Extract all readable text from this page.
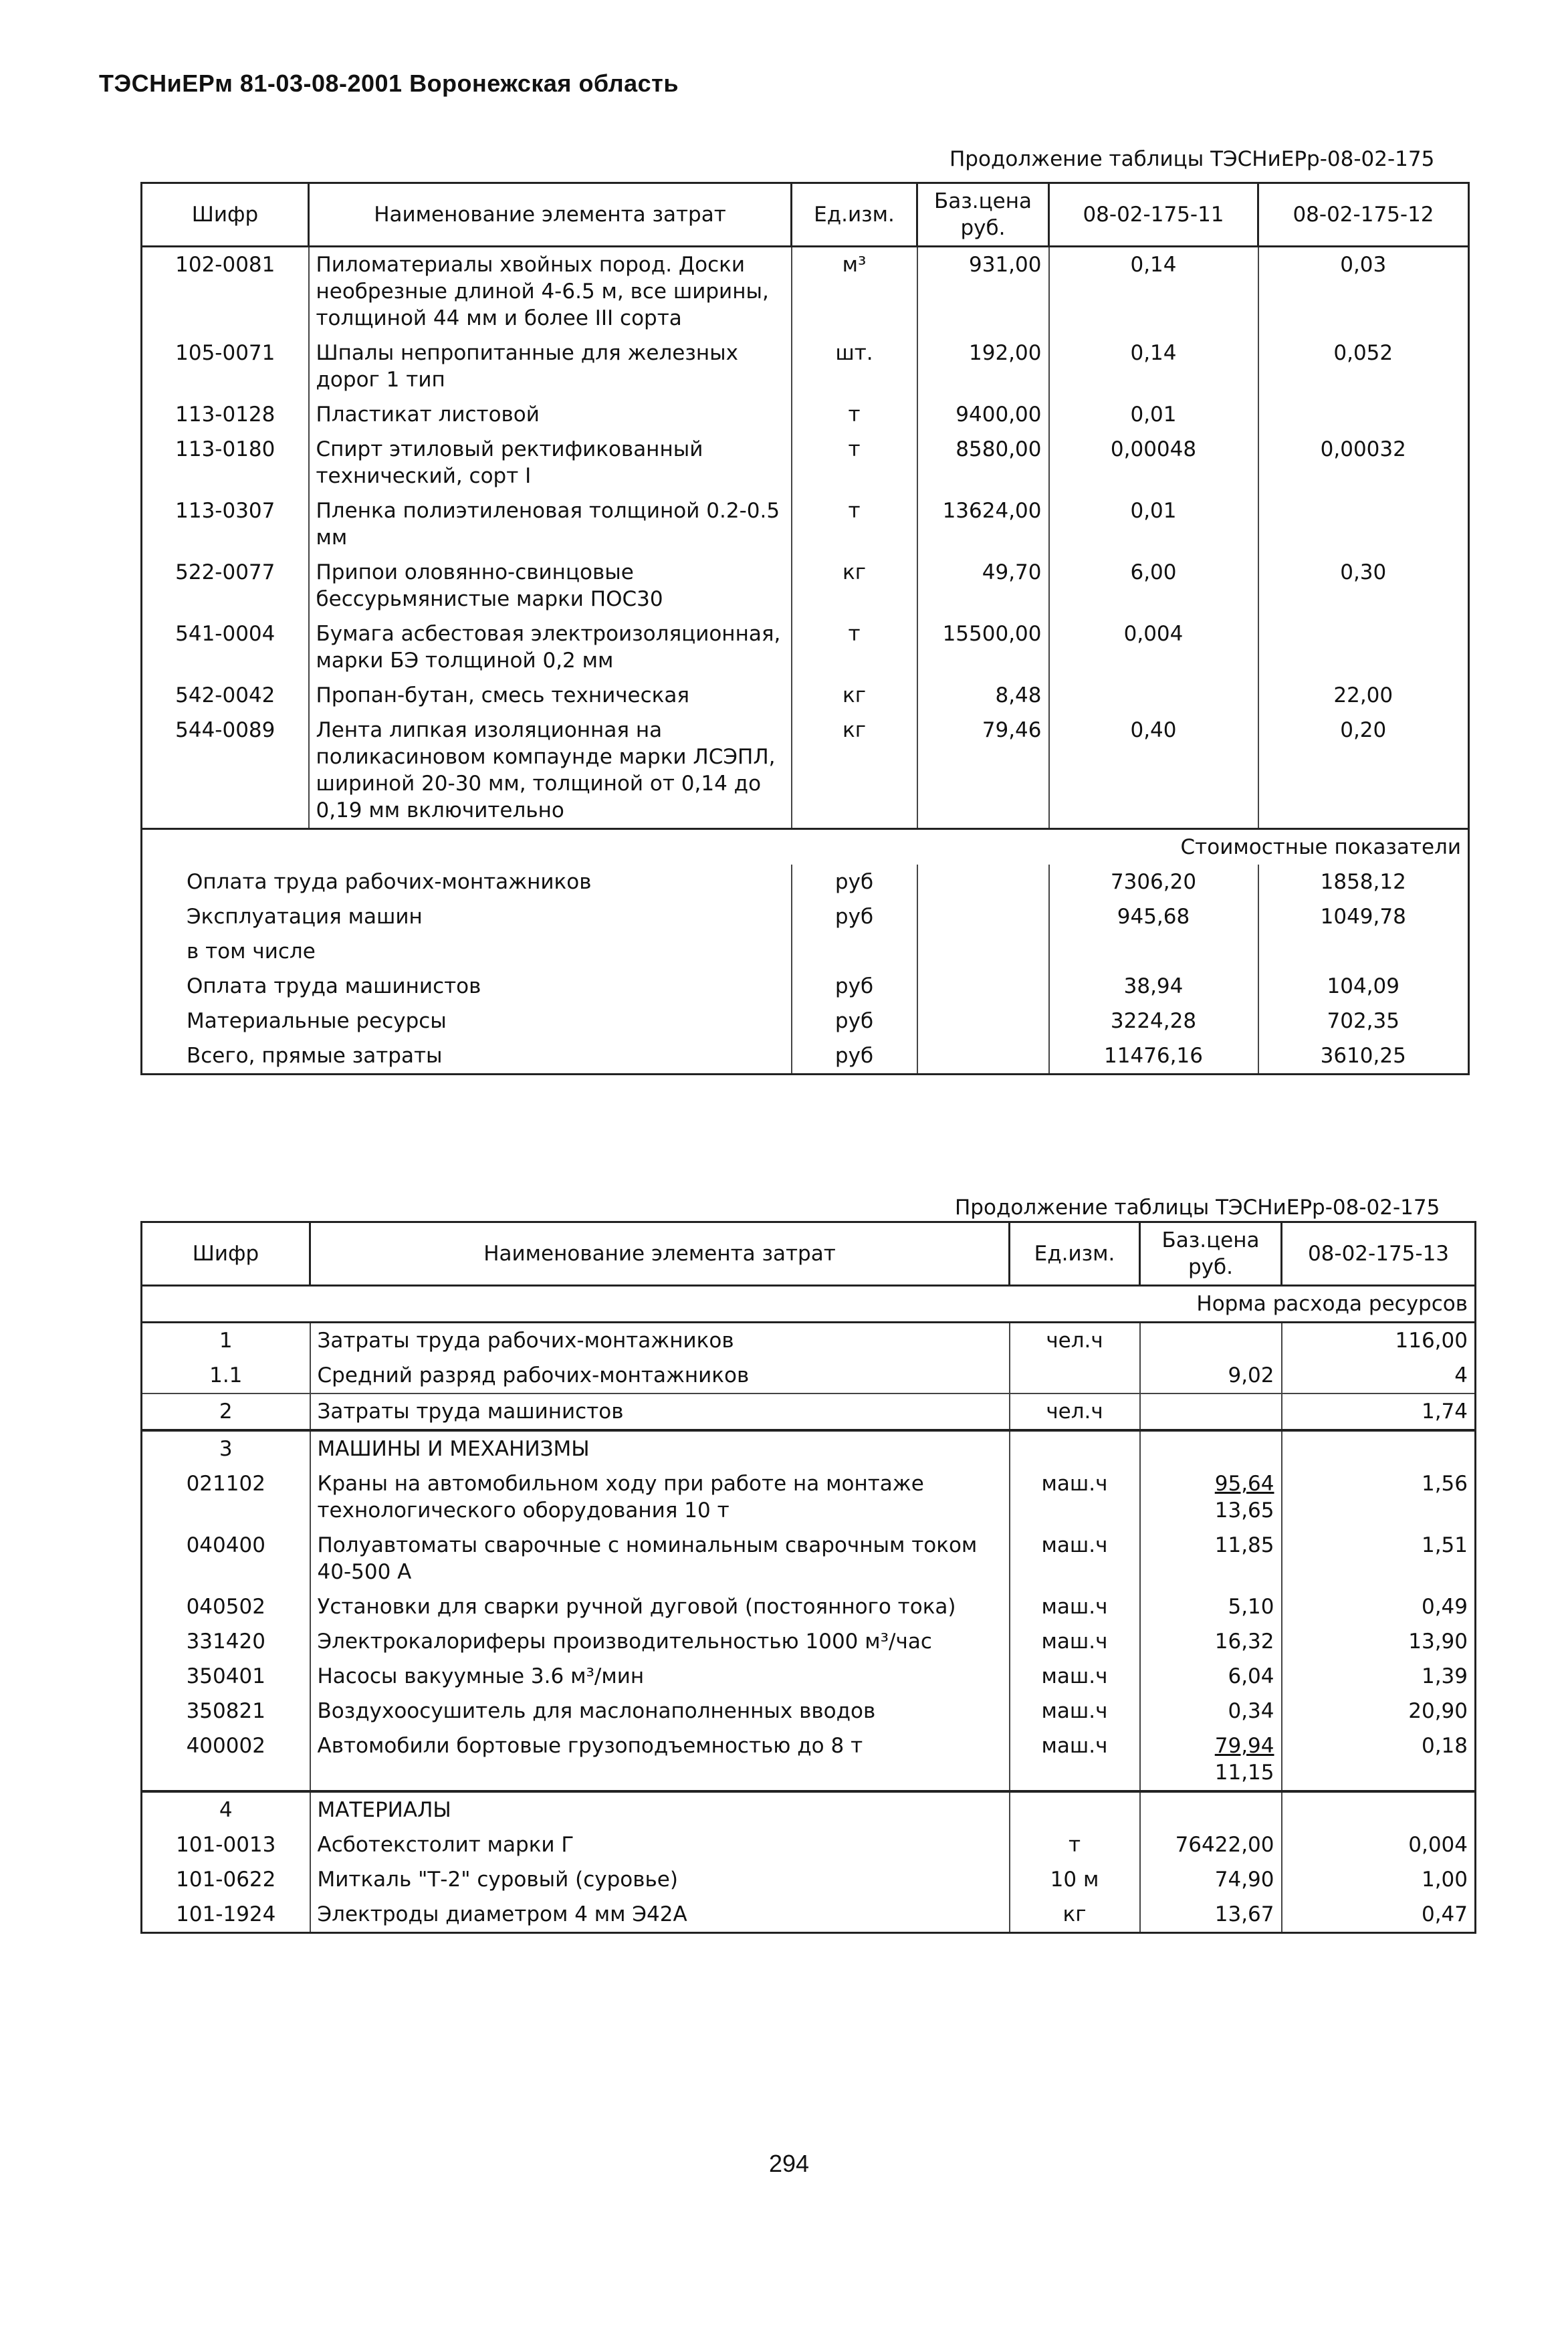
ТЭСНиЕРм 81-03-08-2001 Воронежская область
Продолжение таблицы ТЭСНиЕРр-08-02-175
Шифр	Наименование элемента затрат	Ед.изм.	Баз.цена руб.	08-02-175-11	08-02-175-12
102-0081	Пиломатериалы хвойных пород. Доски необрезные длиной 4-6.5 м, все ширины, толщиной 44 мм и более III сорта	м³	931,00	0,14	0,03
105-0071	Шпалы непропитанные для железных дорог 1 тип	шт.	192,00	0,14	0,052
113-0128	Пластикат листовой	т	9400,00	0,01	
113-0180	Спирт этиловый ректификованный технический, сорт I	т	8580,00	0,00048	0,00032
113-0307	Пленка полиэтиленовая толщиной 0.2-0.5 мм	т	13624,00	0,01	
522-0077	Припои оловянно-свинцовые бессурьмянистые марки ПОС30	кг	49,70	6,00	0,30
541-0004	Бумага асбестовая электроизоляционная, марки БЭ толщиной 0,2 мм	т	15500,00	0,004	
542-0042	Пропан-бутан, смесь техническая	кг	8,48		22,00
544-0089	Лента липкая изоляционная на поликасиновом компаунде марки ЛСЭПЛ, шириной 20-30 мм, толщиной от 0,14 до 0,19 мм включительно	кг	79,46	0,40	0,20
Стоимостные показатели					
Оплата труда рабочих-монтажников		руб		7306,20	1858,12
Эксплуатация машин		руб		945,68	1049,78
в том числе					
Оплата труда машинистов		руб		38,94	104,09
Материальные ресурсы		руб		3224,28	702,35
Всего, прямые затраты		руб		11476,16	3610,25
Продолжение таблицы ТЭСНиЕРр-08-02-175
Шифр	Наименование элемента затрат	Ед.изм.	Баз.цена руб.	08-02-175-13
Норма расхода ресурсов				
1	Затраты труда рабочих-монтажников	чел.ч		116,00
1.1	Средний разряд рабочих-монтажников		9,02	4
2	Затраты труда машинистов	чел.ч		1,74
3	МАШИНЫ И МЕХАНИЗМЫ			
021102	Краны на автомобильном ходу при работе на монтаже технологического оборудования 10 т	маш.ч	$\frac{95,64}{13,65}$	1,56
040400	Полуавтоматы сварочные с номинальным сварочным током 40-500 А	маш.ч	11,85	1,51
040502	Установки для сварки ручной дуговой (постоянного тока)	маш.ч	5,10	0,49
331420	Электрокалориферы производительностью 1000 м³/час	маш.ч	16,32	13,90
350401	Насосы вакуумные 3.6 м³/мин	маш.ч	6,04	1,39
350821	Воздухоосушитель для маслонаполненных вводов	маш.ч	0,34	20,90
400002	Автомобили бортовые грузоподъемностью до 8 т	маш.ч	$\frac{79,94}{11,15}$	0,18
4	МАТЕРИАЛЫ			
101-0013	Асботекстолит марки Г	т	76422,00	0,004
101-0622	Миткаль "Т-2" суровый (суровье)	10 м	74,90	1,00
101-1924	Электроды диаметром 4 мм Э42А	кг	13,67	0,47
294
